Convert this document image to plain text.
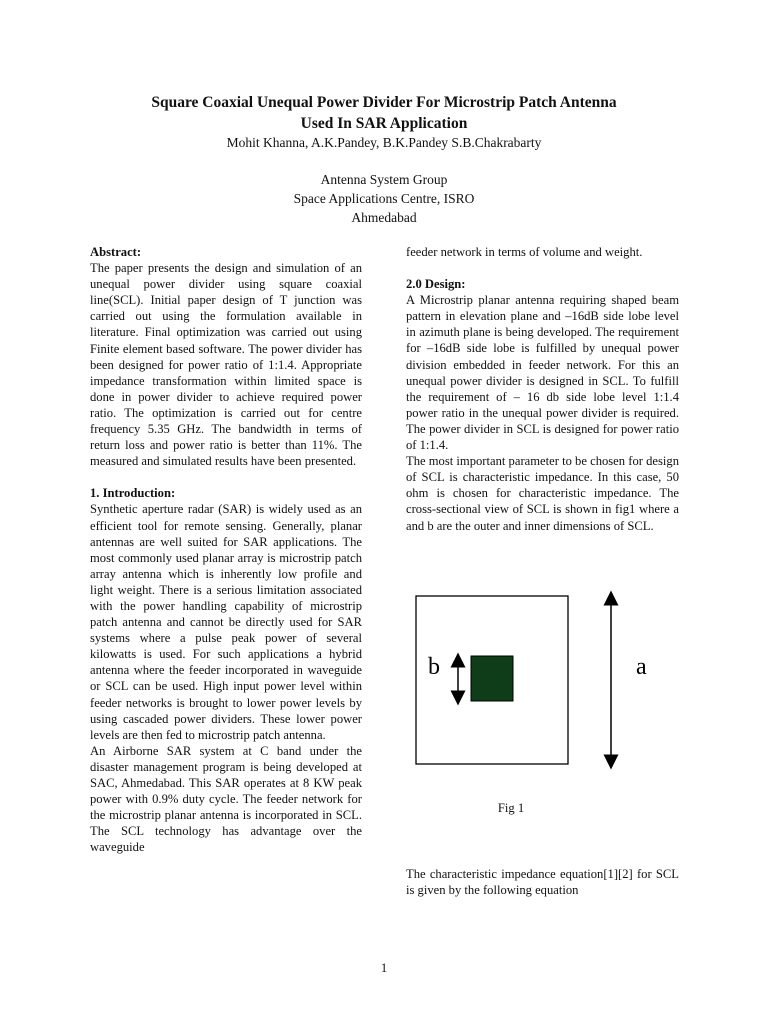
Square Coaxial Unequal Power Divider For Microstrip Patch Antenna
Used In SAR Application
Mohit Khanna, A.K.Pandey, B.K.Pandey S.B.Chakrabarty
Antenna System Group
Space Applications Centre, ISRO
Ahmedabad

Abstract:

The paper presents the design and simulation of an unequal power divider using square coaxial line(SCL). Initial paper design of T junction was carried out using the formulation available in literature. Final optimization was carried out using Finite element based software. The power divider has been designed for power ratio of 1:1.4. Appropriate impedance transformation within limited space is done in power divider to achieve required power ratio. The optimization is carried out for centre frequency 5.35 GHz. The bandwidth in terms of return loss and power ratio is better than 11%. The measured and simulated results have been presented.

1. Introduction:

Synthetic aperture radar (SAR) is widely used as an efficient tool for remote sensing. Generally, planar antennas are well suited for SAR applications. The most commonly used planar array is microstrip patch array antenna which is inherently low profile and light weight. There is a serious limitation associated with the power handling capability of microstrip patch antenna and cannot be directly used for SAR systems where a pulse peak power of several kilowatts is used. For such applications a hybrid antenna where the feeder incorporated in waveguide or SCL can be used. High input power level within feeder networks is brought to lower power levels by using cascaded power dividers. These lower power levels are then fed to microstrip patch antenna.

An Airborne SAR system at C band under the disaster management program is being developed at SAC, Ahmedabad. This SAR operates at 8 KW peak power with 0.9% duty cycle. The feeder network for the microstrip planar antenna is incorporated in SCL. The SCL technology has advantage over the waveguide

feeder network in terms of volume and weight.

2.0 Design:

A Microstrip planar antenna requiring shaped beam pattern in elevation plane and –16dB side lobe level in azimuth plane is being developed. The requirement for –16dB side lobe is fulfilled by unequal power division embedded in feeder network. For this an unequal power divider is designed in SCL. To fulfill the requirement of – 16 db side lobe level 1:1.4 power ratio in the unequal power divider is required. The power divider in SCL is designed for power ratio of 1:1.4.

The most important parameter to be chosen for design of SCL is characteristic impedance. In this case, 50 ohm is chosen for characteristic impedance. The cross-sectional view of SCL is shown in fig1 where a and b are the outer and inner dimensions of SCL.

b	a
Fig 1
The characteristic impedance equation[1][2] for SCL is given by the following equation
1
